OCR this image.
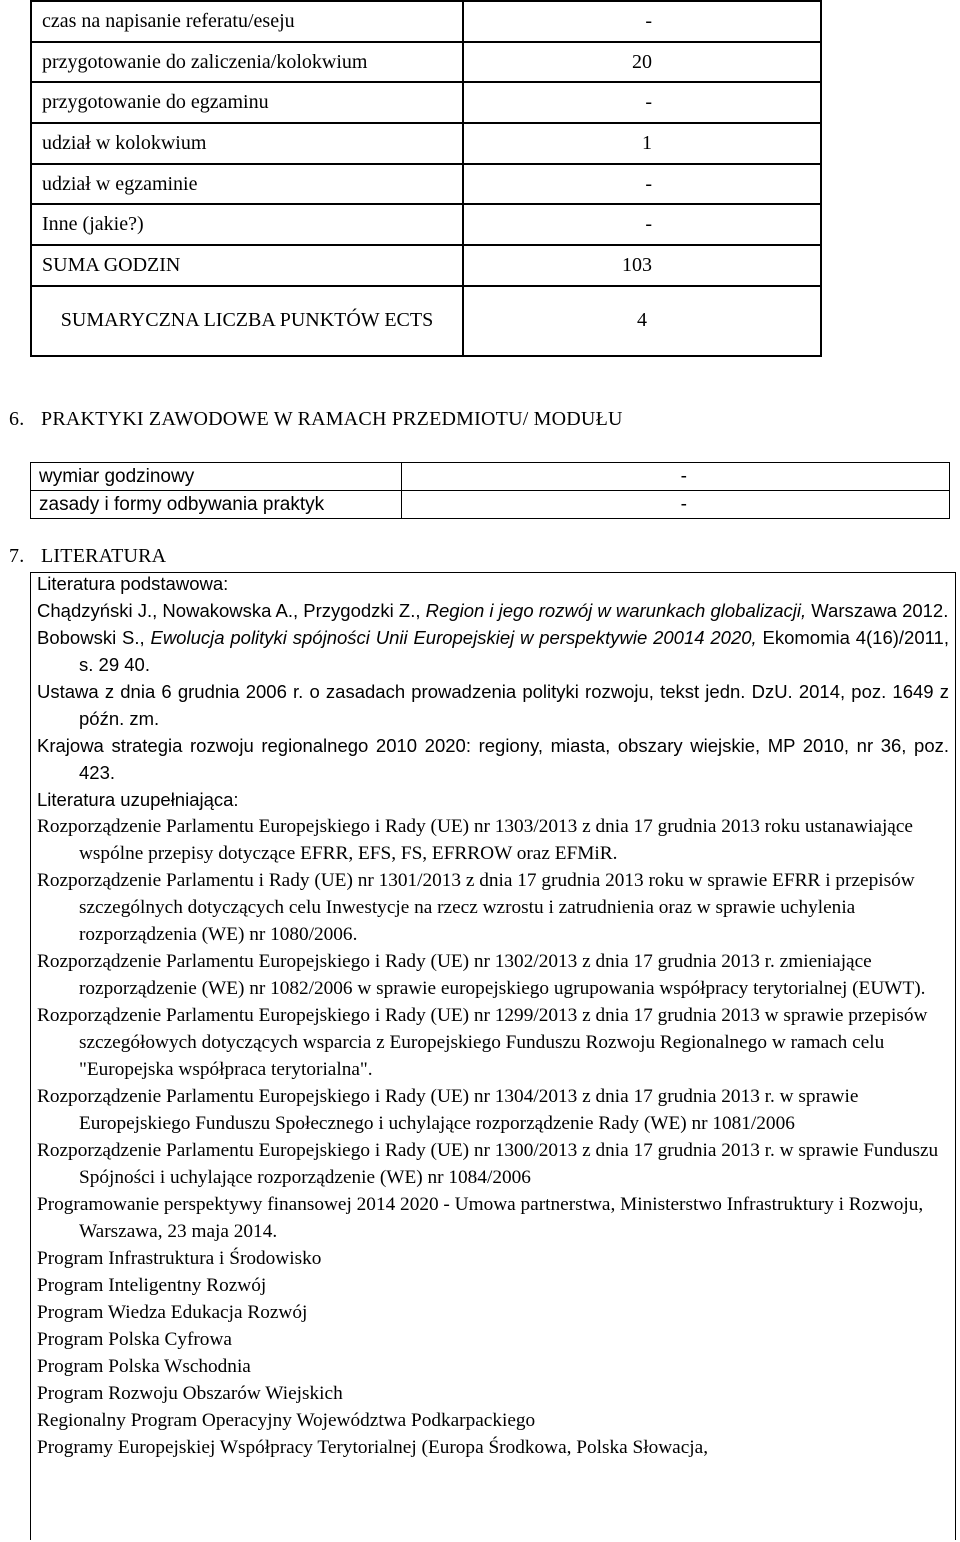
czas na napisanie referatu/eseju	-
przygotowanie do zaliczenia/kolokwium	20
przygotowanie do egzaminu	-
udział w kolokwium	1
udział w egzaminie	-
Inne (jakie?)	-
SUMA GODZIN	103
SUMARYCZNA LICZBA PUNKTÓW ECTS	4
6. PRAKTYKI ZAWODOWE W RAMACH PRZEDMIOTU/ MODUŁU
wymiar godzinowy	-
zasady i formy odbywania praktyk	-
7. LITERATURA
Literatura podstawowa:
Chądzyński J., Nowakowska A., Przygodzki Z., Region i jego rozwój w warunkach globalizacji, Warszawa 2012.
Bobowski S., Ewolucja polityki spójności Unii Europejskiej w perspektywie 20014 2020, Ekomomia 4(16)/2011, s. 29 40.
Ustawa z dnia 6 grudnia 2006 r. o zasadach prowadzenia polityki rozwoju, tekst jedn. DzU. 2014, poz. 1649 z późn. zm.
Krajowa strategia rozwoju regionalnego 2010 2020: regiony, miasta, obszary wiejskie, MP 2010, nr 36, poz. 423.
Literatura uzupełniająca:
Rozporządzenie Parlamentu Europejskiego i Rady (UE) nr 1303/2013 z dnia 17 grudnia 2013 roku ustanawiające wspólne przepisy dotyczące EFRR, EFS, FS, EFRROW oraz EFMiR.
Rozporządzenie Parlamentu i Rady (UE) nr 1301/2013 z dnia 17 grudnia 2013 roku w sprawie EFRR i przepisów szczególnych dotyczących celu Inwestycje na rzecz wzrostu i zatrudnienia oraz w sprawie uchylenia rozporządzenia (WE) nr 1080/2006.
Rozporządzenie Parlamentu Europejskiego i Rady (UE) nr 1302/2013 z dnia 17 grudnia 2013 r. zmieniające rozporządzenie (WE) nr 1082/2006 w sprawie europejskiego ugrupowania współpracy terytorialnej (EUWT).
Rozporządzenie Parlamentu Europejskiego i Rady (UE) nr 1299/2013 z dnia 17 grudnia 2013 w sprawie przepisów szczegółowych dotyczących wsparcia z Europejskiego Funduszu Rozwoju Regionalnego w ramach celu "Europejska współpraca terytorialna".
Rozporządzenie Parlamentu Europejskiego i Rady (UE) nr 1304/2013 z dnia 17 grudnia 2013 r. w sprawie Europejskiego Funduszu Społecznego i uchylające rozporządzenie Rady (WE) nr 1081/2006
Rozporządzenie Parlamentu Europejskiego i Rady (UE) nr 1300/2013 z dnia 17 grudnia 2013 r. w sprawie Funduszu Spójności i uchylające rozporządzenie (WE) nr 1084/2006
Programowanie perspektywy finansowej 2014 2020 - Umowa partnerstwa, Ministerstwo Infrastruktury i Rozwoju, Warszawa, 23 maja 2014.
Program Infrastruktura i Środowisko
Program Inteligentny Rozwój
Program Wiedza Edukacja Rozwój
Program Polska Cyfrowa
Program Polska Wschodnia
Program Rozwoju Obszarów Wiejskich
Regionalny Program Operacyjny Województwa Podkarpackiego
Programy Europejskiej Współpracy Terytorialnej (Europa Środkowa, Polska Słowacja,
